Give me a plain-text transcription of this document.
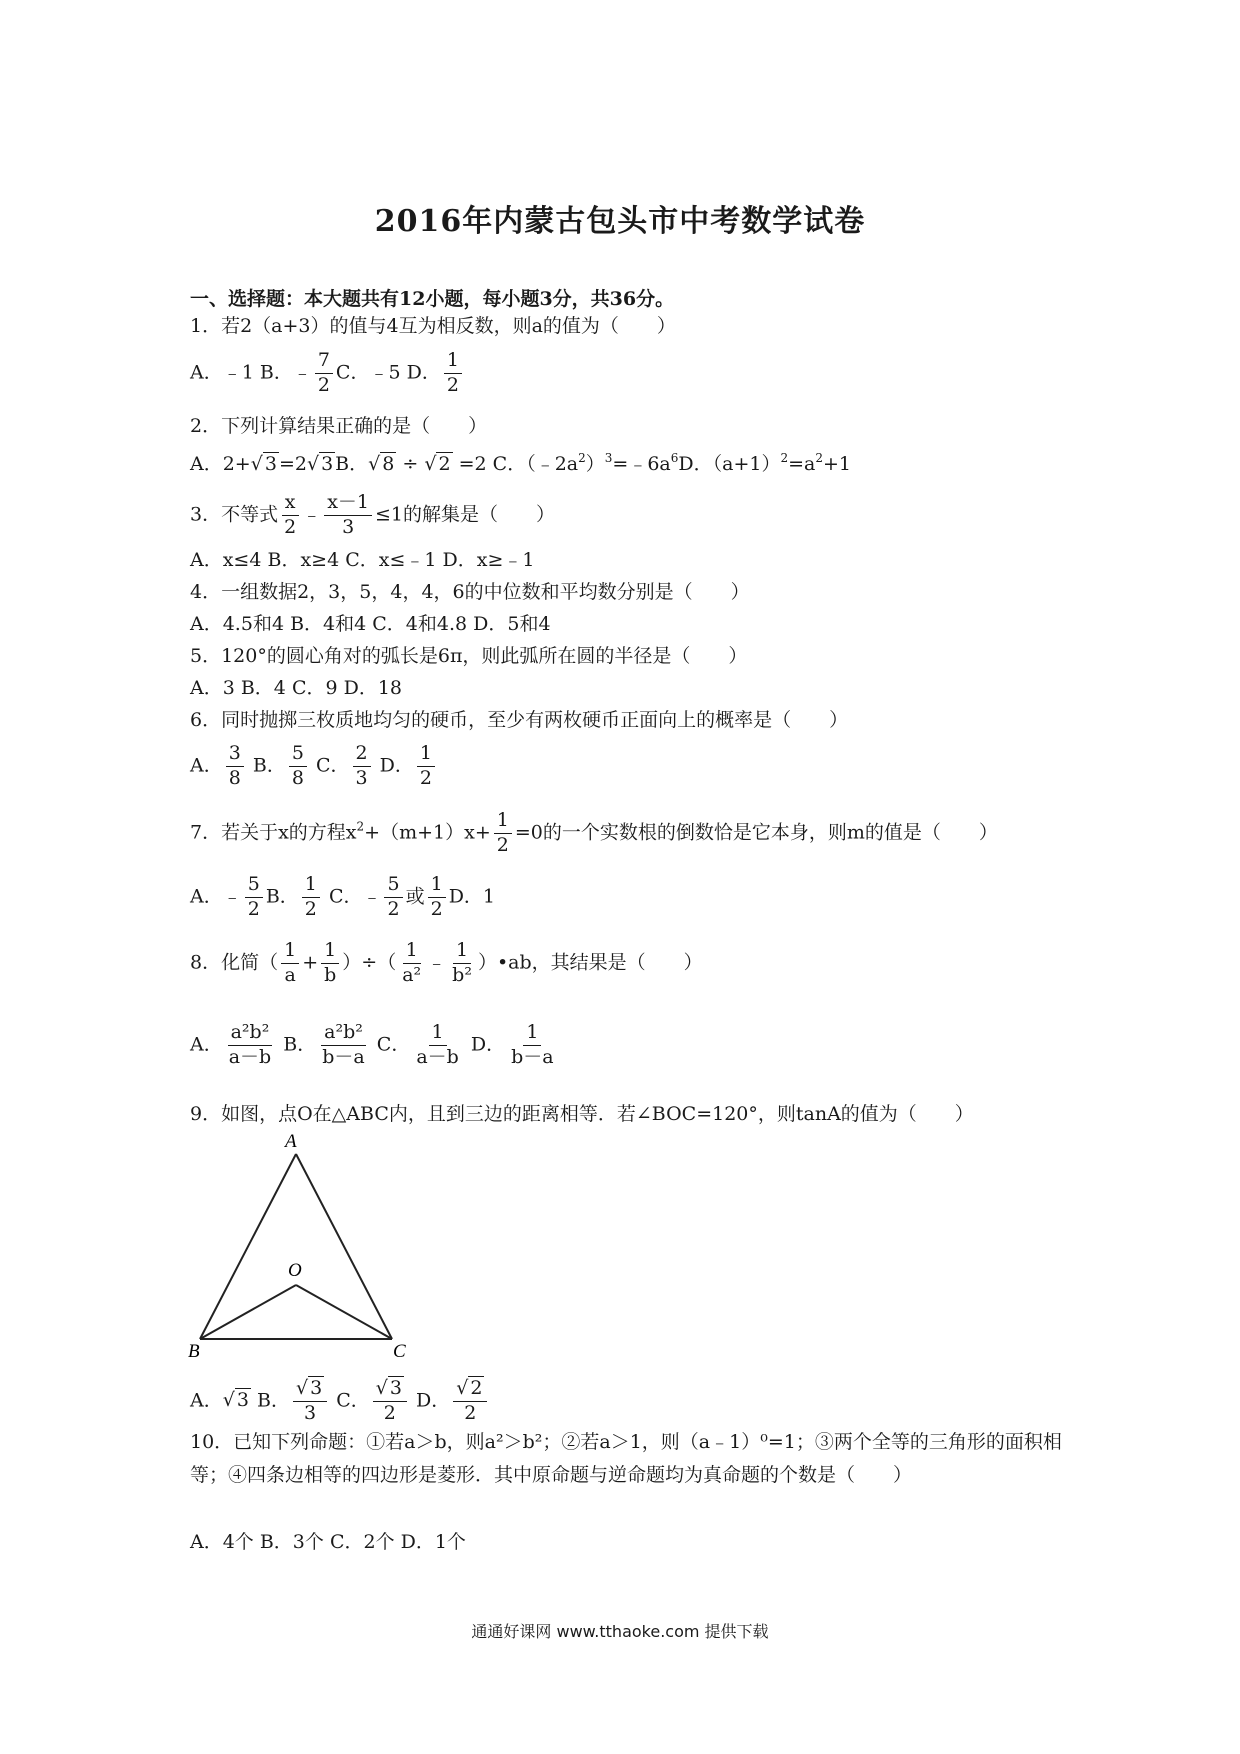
2016年内蒙古包头市中考数学试卷
一、选择题：本大题共有12小题，每小题3分，共36分。
1．若2（a+3）的值与4互为相反数，则a的值为（　　）
A．﹣1 B．﹣ $\frac{7}{2}$ C．﹣5 D． $\frac{1}{2}$
2．下列计算结果正确的是（　　）
A．2+√ 3 =2√ 3 B．√ 8 ÷ √ 2 =2 C．$(﹣2a^2)^3=﹣6a^6D$．$(a+1)^2=a^2+1$
3．不等式 $\frac{x}{2}$ ﹣ $\frac{x-1}{3} \le 1$的解集是（　　）
A．x≤4 B．x≥4 C．x≤﹣1 D．x≥﹣1
4．一组数据2，3，5，4，4，6的中位数和平均数分别是（　　）
A．4.5和4 B．4和4 C．4和4.8 D．5和4
5．120°的圆心角对的弧长是6π，则此弧所在圆的半径是（　　）
A．3 B．4 C．9 D．18
6．同时抛掷三枚质地均匀的硬币，至少有两枚硬币正面向上的概率是（　　）
A． $\frac{3}{8}$ B． $\frac{5}{8}$ C． $\frac{2}{3}$ D． $\frac{1}{2}$
7．若关于x的方程$x^2+(m+1)x+ \frac{1}{2} =0$的一个实数根的倒数恰是它本身，则m的值是（　　）
A．﹣ $\frac{5}{2}$ B． $\frac{1}{2}$ C．﹣ $\frac{5}{2}$ 或 $\frac{1}{2}$ D．1
8．化简（ $\frac{1}{a} + \frac{1}{b}$ ）÷（ $\frac{1}{\text{a²}}$ ﹣ $\frac{1}{\text{b²}}$ ）•ab，其结果是（　　）
A． $\frac{\text{a²b²}}{a-b}$ B． $\frac{\text{a²b²}}{b-a}$ C． $\frac{1}{a-b}$ D． $\frac{1}{b-a}$
9．如图，点O在△ABC内，且到三边的距离相等．若∠BOC=120°，则tanA的值为（　　）
A
O
B	C
A．√ 3 B． $\frac{√ 3}{3}$ C． $\frac{√ 3}{2}$ D． $\frac{√ 2}{2}$
10．已知下列命题：①若a＞b，则a²＞b²；②若a＞1，则（a﹣1）⁰=1；③两个全等的三角形的面积相等；④四条边相等的四边形是菱形．其中原命题与逆命题均为真命题的个数是（　　）
A．4个 B．3个 C．2个 D．1个
通通好课网 www.tthaoke.com 提供下载
